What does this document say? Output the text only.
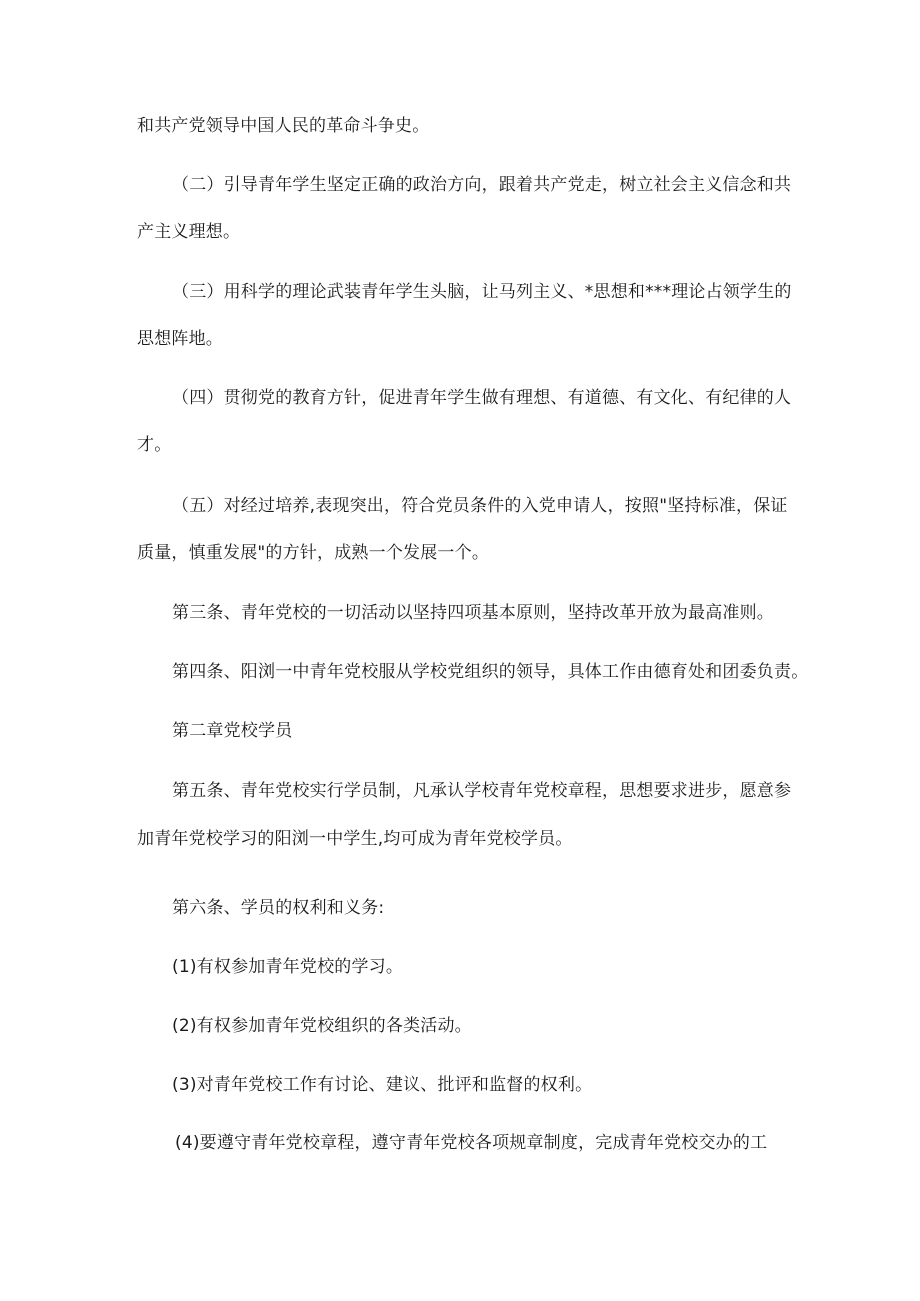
和共产党领导中国人民的革命斗争史。
（二）引导青年学生坚定正确的政治方向，跟着共产党走，树立社会主义信念和共
产主义理想。
（三）用科学的理论武装青年学生头脑，让马列主义、*思想和***理论占领学生的
思想阵地。
（四）贯彻党的教育方针，促进青年学生做有理想、有道德、有文化、有纪律的人
才。
（五）对经过培养,表现突出，符合党员条件的入党申请人，按照"坚持标准，保证
质量，慎重发展"的方针，成熟一个发展一个。
第三条、青年党校的一切活动以坚持四项基本原则，坚持改革开放为最高准则。
第四条、阳浏一中青年党校服从学校党组织的领导，具体工作由德育处和团委负责。
第二章党校学员
第五条、青年党校实行学员制，凡承认学校青年党校章程，思想要求进步，愿意参
加青年党校学习的阳浏一中学生,均可成为青年党校学员。
第六条、学员的权利和义务:
(1)有权参加青年党校的学习。
(2)有权参加青年党校组织的各类活动。
(3)对青年党校工作有讨论、建议、批评和监督的权利。
(4)要遵守青年党校章程，遵守青年党校各项规章制度，完成青年党校交办的工
